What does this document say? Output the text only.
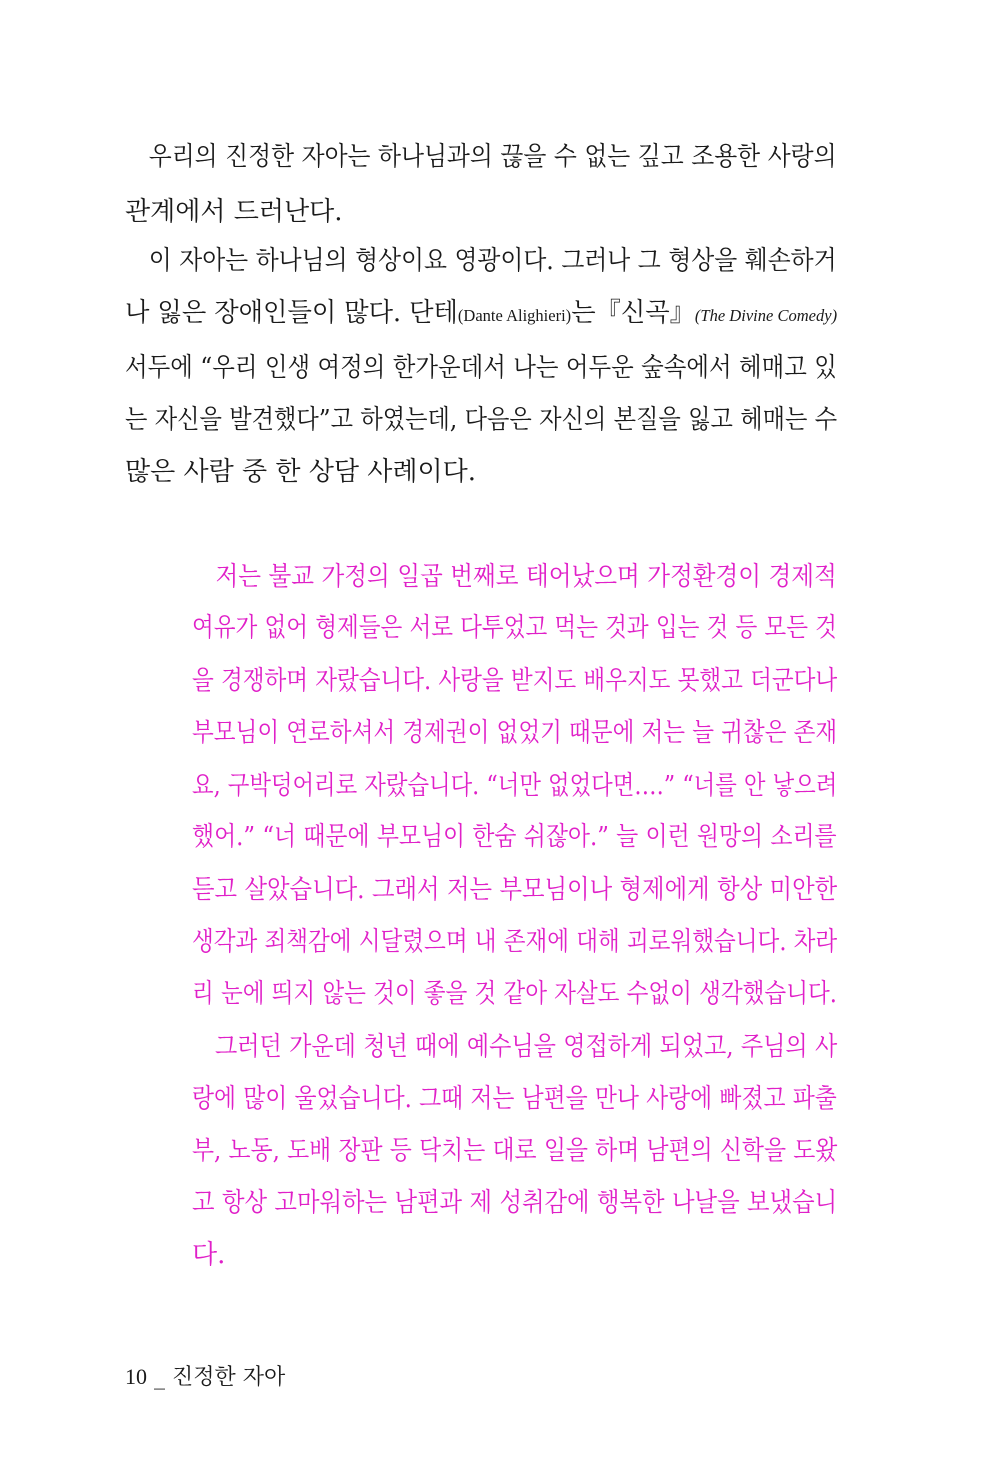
　우리의 진정한 자아는 하나님과의 끊을 수 없는 깊고 조용한 사랑의
관계에서 드러난다.
　이 자아는 하나님의 형상이요 영광이다. 그러나 그 형상을 훼손하거
나 잃은 장애인들이 많다. 단테(Dante Alighieri)는『신곡』(The Divine Comedy)
서두에 “우리 인생 여정의 한가운데서 나는 어두운 숲속에서 헤매고 있
는 자신을 발견했다”고 하였는데, 다음은 자신의 본질을 잃고 헤매는 수
많은 사람 중 한 상담 사례이다.
　저는 불교 가정의 일곱 번째로 태어났으며 가정환경이 경제적
여유가 없어 형제들은 서로 다투었고 먹는 것과 입는 것 등 모든 것
을 경쟁하며 자랐습니다. 사랑을 받지도 배우지도 못했고 더군다나
부모님이 연로하셔서 경제권이 없었기 때문에 저는 늘 귀찮은 존재
요, 구박덩어리로 자랐습니다. “너만 없었다면….” “너를 안 낳으려
했어.” “너 때문에 부모님이 한숨 쉬잖아.” 늘 이런 원망의 소리를
듣고 살았습니다. 그래서 저는 부모님이나 형제에게 항상 미안한
생각과 죄책감에 시달렸으며 내 존재에 대해 괴로워했습니다. 차라
리 눈에 띄지 않는 것이 좋을 것 같아 자살도 수없이 생각했습니다.
　그러던 가운데 청년 때에 예수님을 영접하게 되었고, 주님의 사
랑에 많이 울었습니다. 그때 저는 남편을 만나 사랑에 빠졌고 파출
부, 노동, 도배 장판 등 닥치는 대로 일을 하며 남편의 신학을 도왔
고 항상 고마워하는 남편과 제 성취감에 행복한 나날을 보냈습니
다.
10 _ 진정한 자아
